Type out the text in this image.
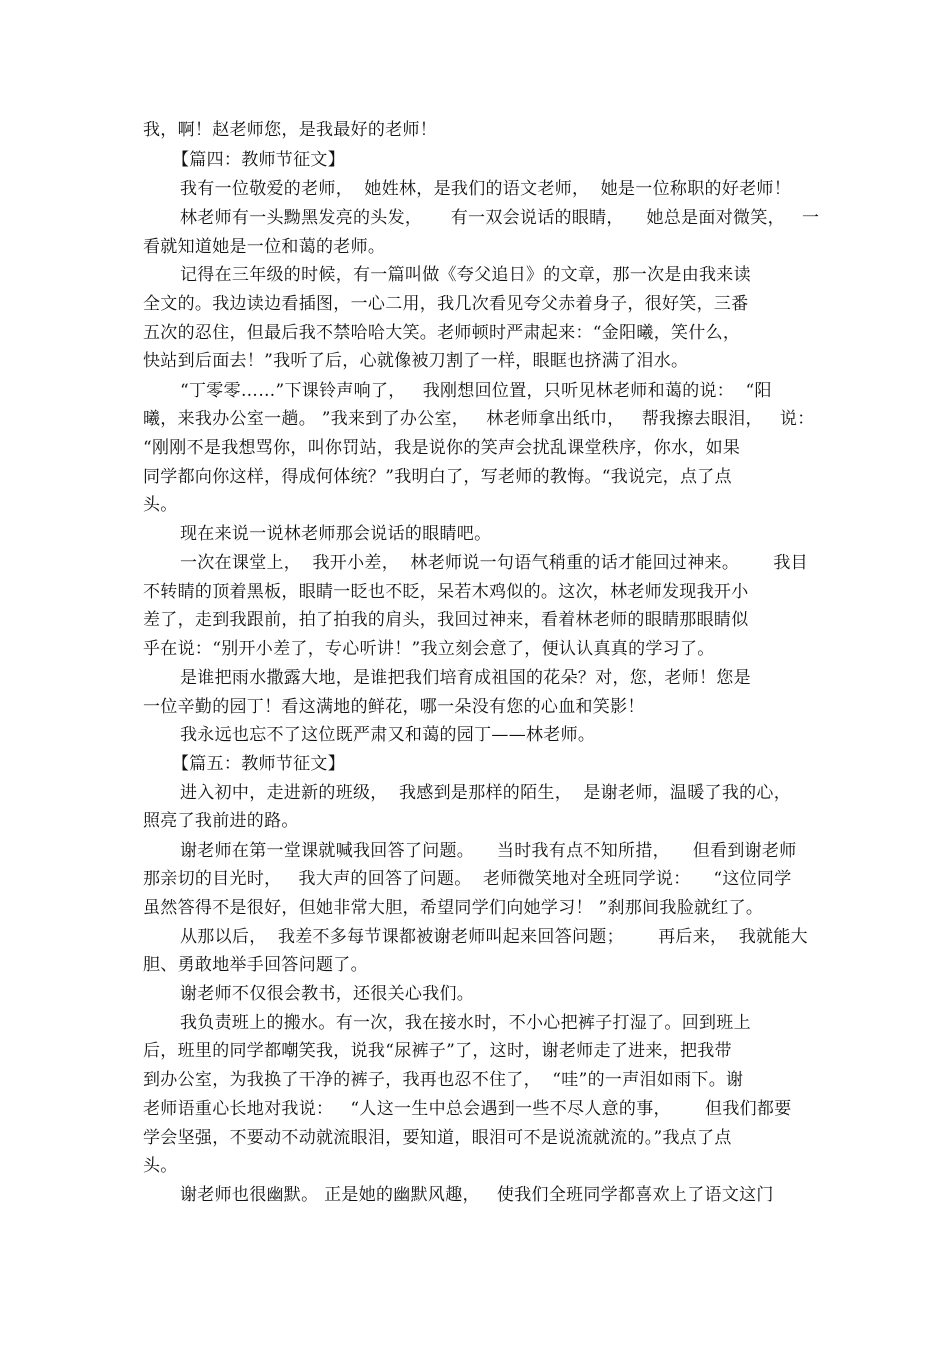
我，啊！赵老师您，是我最好的老师！
【篇四：教师节征文】
我有一位敬爱的老师，  她姓林，是我们的语文老师，  她是一位称职的好老师！
林老师有一头黝黑发亮的头发，     有一双会说话的眼睛，    她总是面对微笑，   一
看就知道她是一位和蔼的老师。
记得在三年级的时候，有一篇叫做《夸父追日》的文章，那一次是由我来读
全文的。我边读边看插图，一心二用，我几次看见夸父赤着身子，很好笑，三番
五次的忍住，但最后我不禁哈哈大笑。老师顿时严肃起来：“金阳曦，笑什么，
快站到后面去！”我听了后，心就像被刀割了一样，眼眶也挤满了泪水。
“丁零零……”下课铃声响了，   我刚想回位置，只听见林老师和蔼的说：  “阳
曦，来我办公室一趟。 ”我来到了办公室，   林老师拿出纸巾，   帮我擦去眼泪，   说：
“刚刚不是我想骂你，叫你罚站，我是说你的笑声会扰乱课堂秩序，你水，如果
同学都向你这样，得成何体统？”我明白了，写老师的教悔。“我说完，点了点
头。
现在来说一说林老师那会说话的眼睛吧。
一次在课堂上，  我开小差，  林老师说一句语气稍重的话才能回过神来。      我目
不转睛的顶着黑板，眼睛一眨也不眨，呆若木鸡似的。这次，林老师发现我开小
差了，走到我跟前，拍了拍我的肩头，我回过神来，看着林老师的眼睛那眼睛似
乎在说：“别开小差了，专心听讲！”我立刻会意了，便认认真真的学习了。
是谁把雨水撒露大地，是谁把我们培育成祖国的花朵？对，您，老师！您是
一位辛勤的园丁！看这满地的鲜花，哪一朵没有您的心血和笑影！
我永远也忘不了这位既严肃又和蔼的园丁——林老师。
【篇五：教师节征文】
进入初中，走进新的班级，  我感到是那样的陌生，  是谢老师，温暖了我的心，
照亮了我前进的路。
谢老师在第一堂课就喊我回答了问题。    当时我有点不知所措，    但看到谢老师
那亲切的目光时，   我大声的回答了问题。  老师微笑地对全班同学说：    “这位同学
虽然答得不是很好，但她非常大胆，希望同学们向她学习！ ”刹那间我脸就红了。
从那以后，  我差不多每节课都被谢老师叫起来回答问题；      再后来，  我就能大
胆、勇敢地举手回答问题了。
谢老师不仅很会教书，还很关心我们。
我负责班上的搬水。有一次，我在接水时，不小心把裤子打湿了。回到班上
后，班里的同学都嘲笑我，说我“尿裤子”了，这时，谢老师走了进来，把我带
到办公室，为我换了干净的裤子，我再也忍不住了，  “哇”的一声泪如雨下。谢
老师语重心长地对我说：   “人这一生中总会遇到一些不尽人意的事，      但我们都要
学会坚强，不要动不动就流眼泪，要知道，眼泪可不是说流就流的。”我点了点
头。
谢老师也很幽默。 正是她的幽默风趣，   使我们全班同学都喜欢上了语文这门
